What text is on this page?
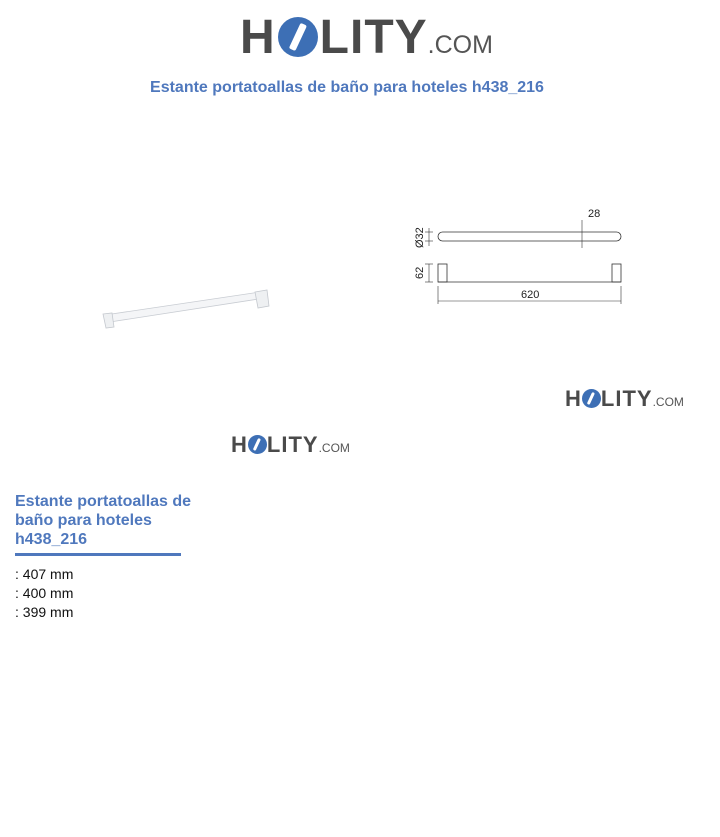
H LITY .COM
Estante portatoallas de baño para hoteles h438_216
Ø32
28
62
620
H LITY .COM
H LITY .COM
Estante portatoallas de baño para hoteles h438_216
: 407 mm
: 400 mm
: 399 mm
